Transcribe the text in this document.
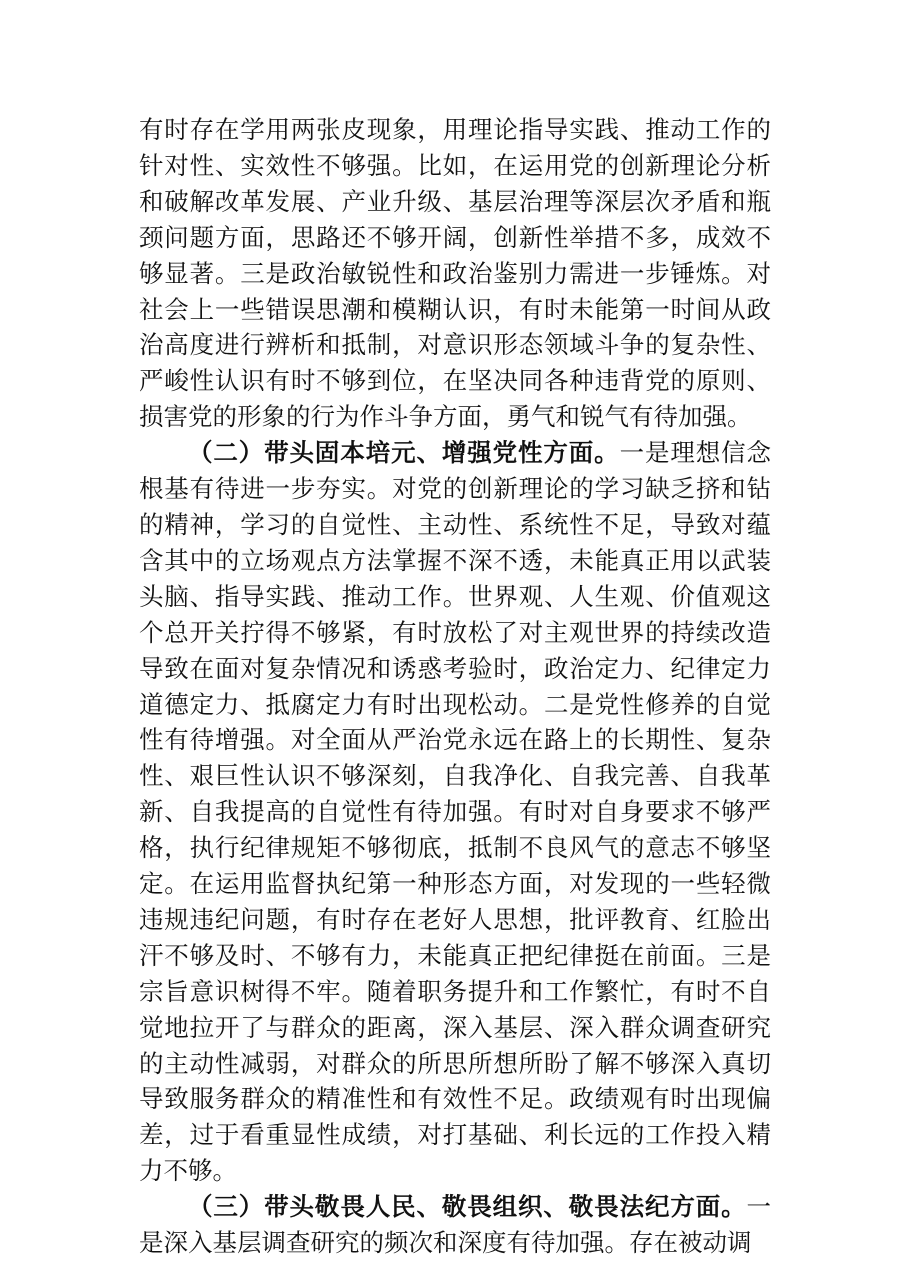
有时存在学用两张皮现象，用理论指导实践、推动工作的针对性、实效性不够强。比如，在运用党的创新理论分析和破解改革发展、产业升级、基层治理等深层次矛盾和瓶颈问题方面，思路还不够开阔，创新性举措不多，成效不够显著。三是政治敏锐性和政治鉴别力需进一步锤炼。对社会上一些错误思潮和模糊认识，有时未能第一时间从政治高度进行辨析和抵制，对意识形态领域斗争的复杂性、严峻性认识有时不够到位，在坚决同各种违背党的原则、损害党的形象的行为作斗争方面，勇气和锐气有待加强。

（二）带头固本培元、增强党性方面。一是理想信念根基有待进一步夯实。对党的创新理论的学习缺乏挤和钻的精神，学习的自觉性、主动性、系统性不足，导致对蕴含其中的立场观点方法掌握不深不透，未能真正用以武装头脑、指导实践、推动工作。世界观、人生观、价值观这个总开关拧得不够紧，有时放松了对主观世界的持续改造导致在面对复杂情况和诱惑考验时，政治定力、纪律定力道德定力、抵腐定力有时出现松动。二是党性修养的自觉性有待增强。对全面从严治党永远在路上的长期性、复杂性、艰巨性认识不够深刻，自我净化、自我完善、自我革新、自我提高的自觉性有待加强。有时对自身要求不够严格，执行纪律规矩不够彻底，抵制不良风气的意志不够坚定。在运用监督执纪第一种形态方面，对发现的一些轻微违规违纪问题，有时存在老好人思想，批评教育、红脸出汗不够及时、不够有力，未能真正把纪律挺在前面。三是宗旨意识树得不牢。随着职务提升和工作繁忙，有时不自觉地拉开了与群众的距离，深入基层、深入群众调查研究的主动性减弱，对群众的所思所想所盼了解不够深入真切导致服务群众的精准性和有效性不足。政绩观有时出现偏差，过于看重显性成绩，对打基础、利长远的工作投入精力不够。

（三）带头敬畏人民、敬畏组织、敬畏法纪方面。一是深入基层调查研究的频次和深度有待加强。存在被动调
